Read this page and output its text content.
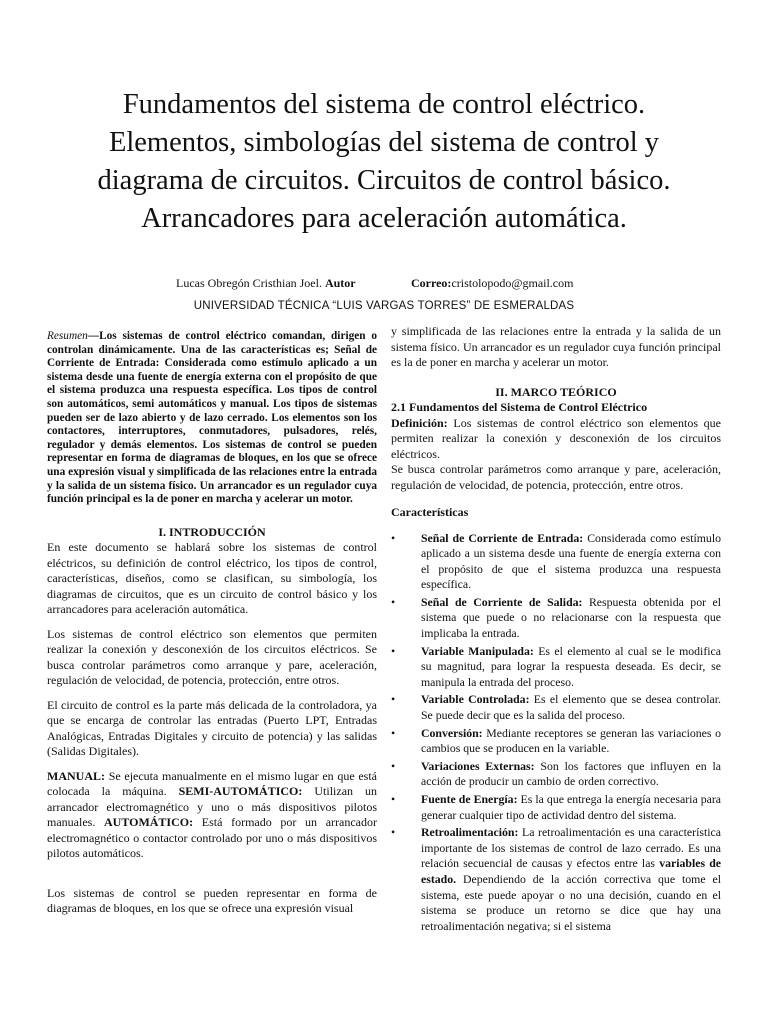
Fundamentos del sistema de control eléctrico. Elementos, simbologías del sistema de control y diagrama de circuitos. Circuitos de control básico. Arrancadores para aceleración automática.
Lucas Obregón Cristhian Joel. Autor	Correo:cristolopodo@gmail.com
UNIVERSIDAD TÉCNICA “LUIS VARGAS TORRES” DE ESMERALDAS

Resumen—Los sistemas de control eléctrico comandan, dirigen o controlan dinámicamente. Una de las características es; Señal de Corriente de Entrada: Considerada como estímulo aplicado a un sistema desde una fuente de energía externa con el propósito de que el sistema produzca una respuesta específica. Los tipos de control son automáticos, semi automáticos y manual. Los tipos de sistemas pueden ser de lazo abierto y de lazo cerrado. Los elementos son los contactores, interruptores, conmutadores, pulsadores, relés, regulador y demás elementos. Los sistemas de control se pueden representar en forma de diagramas de bloques, en los que se ofrece una expresión visual y simplificada de las relaciones entre la entrada y la salida de un sistema físico. Un arrancador es un regulador cuya función principal es la de poner en marcha y acelerar un motor.

I. INTRODUCCIÓN

En este documento se hablará sobre los sistemas de control eléctricos, su definición de control eléctrico, los tipos de control, características, diseños, como se clasifican, su simbología, los diagramas de circuitos, que es un circuito de control básico y los arrancadores para aceleración automática.

Los sistemas de control eléctrico son elementos que permiten realizar la conexión y desconexión de los circuitos eléctricos. Se busca controlar parámetros como arranque y pare, aceleración, regulación de velocidad, de potencia, protección, entre otros.

El circuito de control es la parte más delicada de la controladora, ya que se encarga de controlar las entradas (Puerto LPT, Entradas Analógicas, Entradas Digitales y circuito de potencia) y las salidas (Salidas Digitales).

MANUAL: Se ejecuta manualmente en el mismo lugar en que está colocada la máquina. SEMI-AUTOMÁTICO: Utilizan un arrancador electromagnético y uno o más dispositivos pilotos manuales. AUTOMÁTICO: Está formado por un arrancador electromagnético o contactor controlado por uno o más dispositivos pilotos automáticos.

Los sistemas de control se pueden representar en forma de diagramas de bloques, en los que se ofrece una expresión visual

y simplificada de las relaciones entre la entrada y la salida de un sistema físico. Un arrancador es un regulador cuya función principal es la de poner en marcha y acelerar un motor.

II. MARCO TEÓRICO

2.1 Fundamentos del Sistema de Control Eléctrico

Definición: Los sistemas de control eléctrico son elementos que permiten realizar la conexión y desconexión de los circuitos eléctricos.

Se busca controlar parámetros como arranque y pare, aceleración, regulación de velocidad, de potencia, protección, entre otros.

Características

• Señal de Corriente de Entrada: Considerada como estímulo aplicado a un sistema desde una fuente de energía externa con el propósito de que el sistema produzca una respuesta específica.
• Señal de Corriente de Salida: Respuesta obtenida por el sistema que puede o no relacionarse con la respuesta que implicaba la entrada.
• Variable Manipulada: Es el elemento al cual se le modifica su magnitud, para lograr la respuesta deseada. Es decir, se manipula la entrada del proceso.
• Variable Controlada: Es el elemento que se desea controlar. Se puede decir que es la salida del proceso.
• Conversión: Mediante receptores se generan las variaciones o cambios que se producen en la variable.
• Variaciones Externas: Son los factores que influyen en la acción de producir un cambio de orden correctivo.
• Fuente de Energía: Es la que entrega la energía necesaria para generar cualquier tipo de actividad dentro del sistema.
• Retroalimentación: La retroalimentación es una característica importante de los sistemas de control de lazo cerrado. Es una relación secuencial de causas y efectos entre las variables de estado. Dependiendo de la acción correctiva que tome el sistema, este puede apoyar o no una decisión, cuando en el sistema se produce un retorno se dice que hay una retroalimentación negativa; si el sistema
